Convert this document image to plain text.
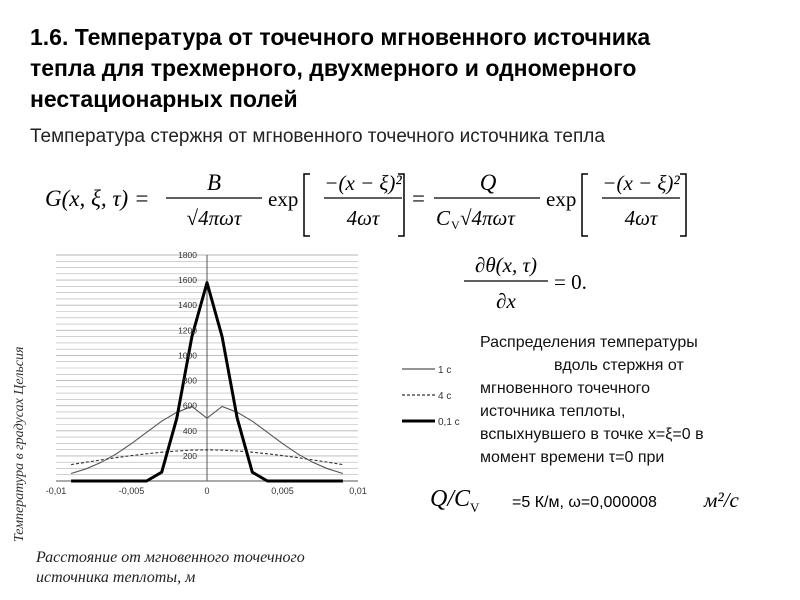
1.6. Температура от точечного мгновенного источника
тепла для трехмерного, двухмерного и одномерного
нестационарных полей
Температура стержня от мгновенного точечного источника тепла
G(x, ξ, τ) =
B
√4πωτ
exp
−(x − ξ)²
4ωτ
=
Q
C V √4πωτ
exp
−(x − ξ)²
4ωτ
∂θ(x, τ)
∂x
= 0.
Температура в градусах Цельсия	200
400
600
800
1000
1200
1400
1600
1800
-0,01	-0,005	0	0,005	0,01
1 c
4 c
0,1 с
Расстояние от мгновенного точечного
источника теплоты, м
Распределения температуры
вдоль стержня от
мгновенного точечного
источника теплоты,
вспыхнувшего в точке x=ξ=0 в
момент времени τ=0 при
$Q/C_V =5$ К/м, ω=0,000008 м²/с
